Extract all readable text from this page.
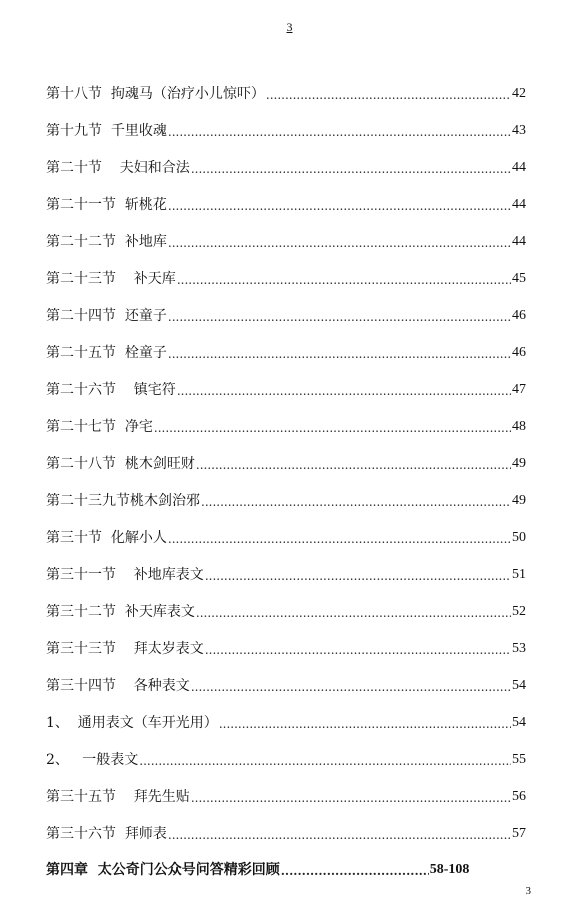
3
第十八节  拘魂马（治疗小儿惊吓） .....	42
第十九节  千里收魂 .....	43
第二十节    夫妇和合法 .....	44
第二十一节  斩桃花 .....	44
第二十二节  补地库 .....	44
第二十三节    补天库 .....	45
第二十四节  还童子 .....	46
第二十五节  栓童子 .....	46
第二十六节    镇宅符 .....	47
第二十七节  净宅 .....	48
第二十八节  桃木剑旺财 .....	49
第二十三九节桃木剑治邪 .....	49
第三十节  化解小人 .....	50
第三十一节    补地库表文 .....	51
第三十二节  补天库表文 .....	52
第三十三节    拜太岁表文 .....	53
第三十四节    各种表文 .....	54
1、  通用表文（车开光用） .....	54
2、   一般表文 .....	55
第三十五节    拜先生贴 .....	56
第三十六节  拜师表 .....	57
第四章  太公奇门公众号问答精彩回顾 .....	58-108
3
